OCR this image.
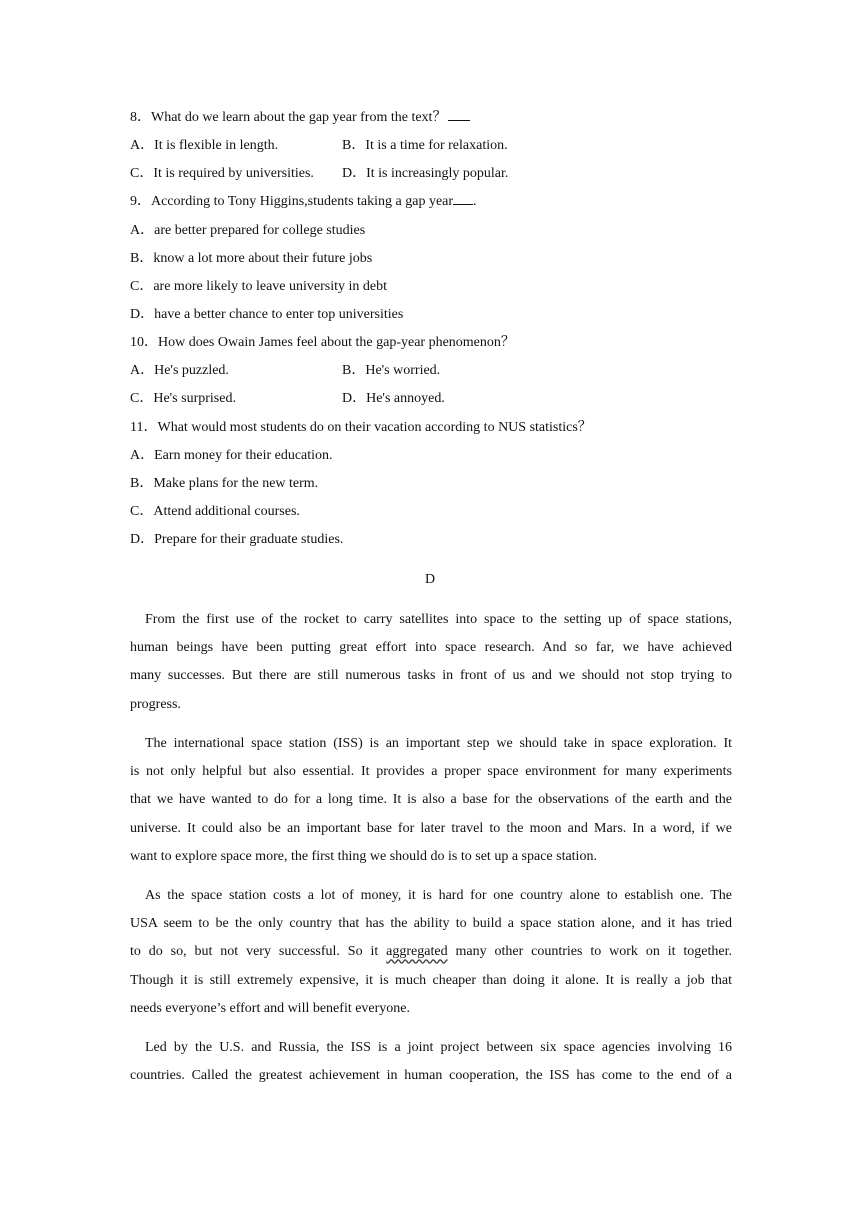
8．What do we learn about the gap year from the text？
A．It is flexible in length.	B．It is a time for relaxation.
C．It is required by universities. D．It is increasingly popular.
9．According to Tony Higgins,students taking a gap year .
A．are better prepared for college studies
B．know a lot more about their future jobs
C．are more likely to leave university in debt
D．have a better chance to enter top universities
10．How does Owain James feel about the gap-year phenomenon？
A．He's puzzled.	B．He's worried.
C．He's surprised.	D．He's annoyed.
11．What would most students do on their vacation according to NUS statistics？
A．Earn money for their education.
B．Make plans for the new term.
C．Attend additional courses.
D．Prepare for their graduate studies.
D
From the first use of the rocket to carry satellites into space to the setting up of space stations,
human beings have been putting great effort into space research. And so far, we have achieved
many successes. But there are still numerous tasks in front of us and we should not stop trying to
progress.
The international space station (ISS) is an important step we should take in space exploration. It
is not only helpful but also essential. It provides a proper space environment for many experiments
that we have wanted to do for a long time. It is also a base for the observations of the earth and the
universe. It could also be an important base for later travel to the moon and Mars. In a word, if we
want to explore space more, the first thing we should do is to set up a space station.
As the space station costs a lot of money, it is hard for one country alone to establish one. The
USA seem to be the only country that has the ability to build a space station alone, and it has tried
to do so, but not very successful. So it aggregated many other countries to work on it together.
Though it is still extremely expensive, it is much cheaper than doing it alone. It is really a job that
needs everyone’s effort and will benefit everyone.
Led by the U.S. and Russia, the ISS is a joint project between six space agencies involving 16
countries. Called the greatest achievement in human cooperation, the ISS has come to the end of a
